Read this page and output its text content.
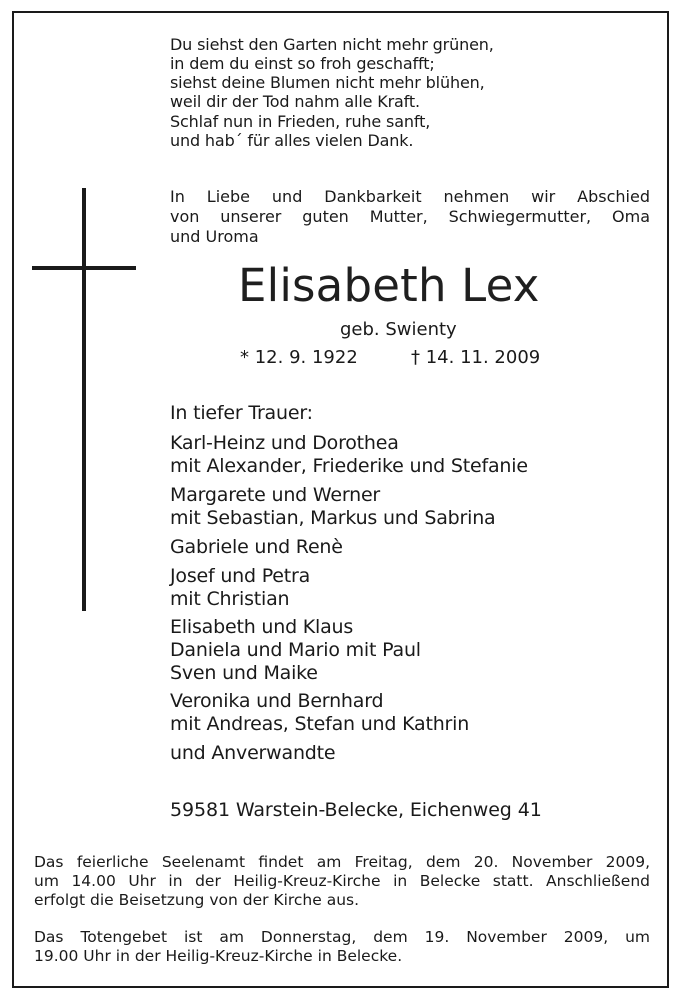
Du siehst den Garten nicht mehr grünen,
in dem du einst so froh geschafft;
siehst deine Blumen nicht mehr blühen,
weil dir der Tod nahm alle Kraft.
Schlaf nun in Frieden, ruhe sanft,
und hab´ für alles vielen Dank.
In Liebe und Dankbarkeit nehmen wir Abschied
von unserer guten Mutter, Schwiegermutter, Oma
und Uroma
Elisabeth Lex
geb. Swienty
* 12. 9. 1922	† 14. 11. 2009
In tiefer Trauer:
Karl-Heinz und Dorothea
mit Alexander, Friederike und Stefanie
Margarete und Werner
mit Sebastian, Markus und Sabrina
Gabriele und Renè
Josef und Petra
mit Christian
Elisabeth und Klaus
Daniela und Mario mit Paul
Sven und Maike
Veronika und Bernhard
mit Andreas, Stefan und Kathrin
und Anverwandte
59581 Warstein-Belecke, Eichenweg 41
Das feierliche Seelenamt findet am Freitag, dem 20. November 2009,
um 14.00 Uhr in der Heilig-Kreuz-Kirche in Belecke statt. Anschließend
erfolgt die Beisetzung von der Kirche aus.
Das Totengebet ist am Donnerstag, dem 19. November 2009, um
19.00 Uhr in der Heilig-Kreuz-Kirche in Belecke.
